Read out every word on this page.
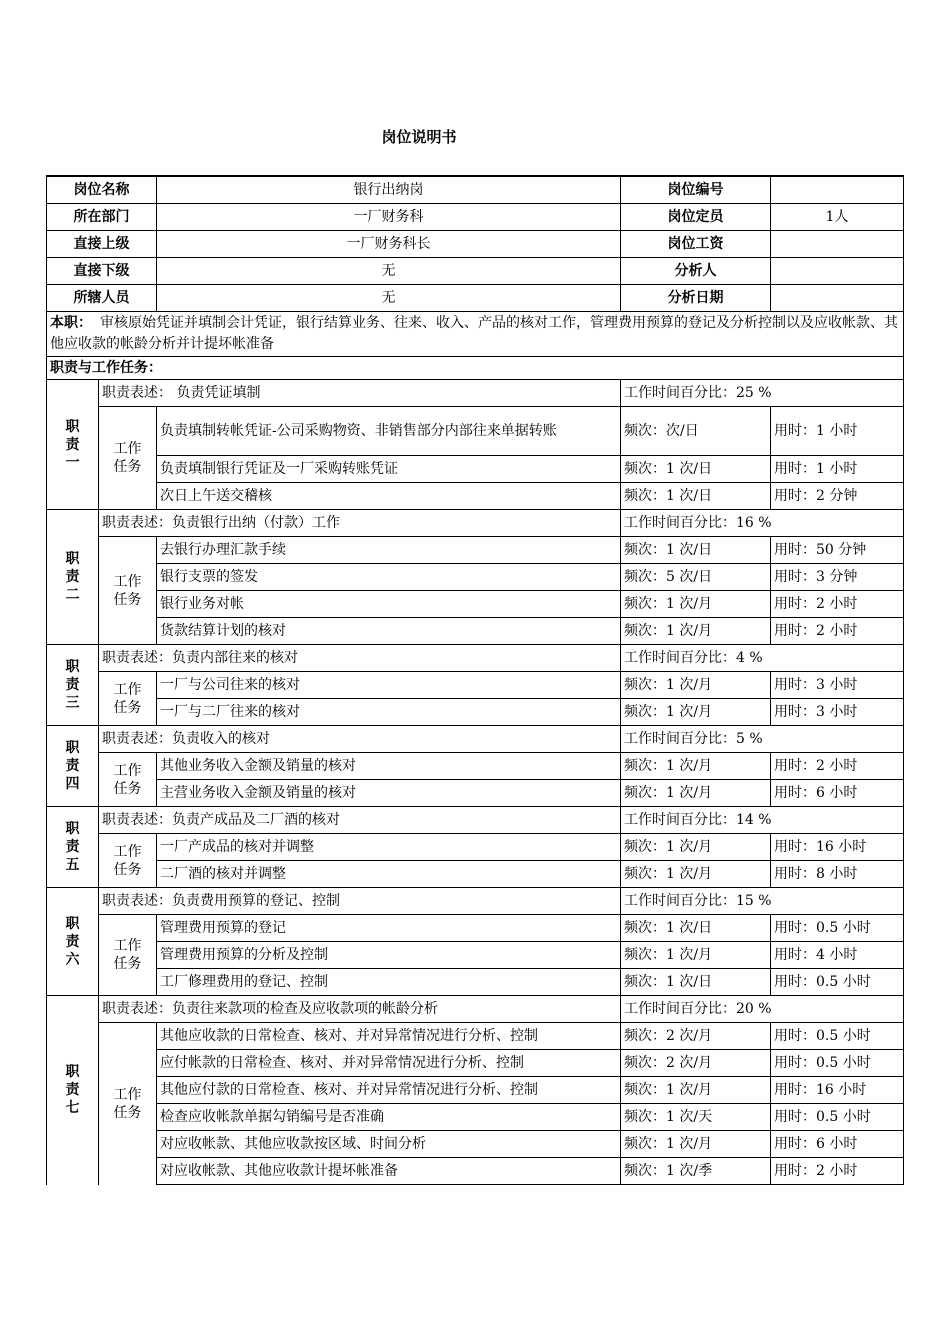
岗位说明书
岗位名称		银行出纳岗	岗位编号	
所在部门		一厂财务科	岗位定员	1人
直接上级		一厂财务科长	岗位工资	
直接下级		无	分析人	
所辖人员		无	分析日期	
本职： 审核原始凭证并填制会计凭证，银行结算业务、往来、收入、产品的核对工作，管理费用预算的登记及分析控制以及应收帐款、其他应收款的帐龄分析并计提坏帐准备				
职责与工作任务：				

职责一	职责表述： 负责凭证填制		工作时间百分比：25 %	

	工作任务	负责填制转帐凭证-公司采购物资、非销售部分内部往来单据转账	频次：次/日	用时：1 小时
		负责填制银行凭证及一厂采购转账凭证	频次：1 次/日	用时：1 小时
		次日上午送交稽核	频次：1 次/日	用时：2 分钟

职责二	职责表述：负责银行出纳（付款）工作		工作时间百分比：16 %	

	工作任务	去银行办理汇款手续	频次：1 次/日	用时：50 分钟
		银行支票的签发	频次：5 次/日	用时：3 分钟
		银行业务对帐	频次：1 次/月	用时：2 小时
		货款结算计划的核对	频次：1 次/月	用时：2 小时

职责三	职责表述：负责内部往来的核对		工作时间百分比：4 %	

	工作任务	一厂与公司往来的核对	频次：1 次/月	用时：3 小时
		一厂与二厂往来的核对	频次：1 次/月	用时：3 小时

职责四	职责表述：负责收入的核对		工作时间百分比：5 %	

	工作任务	其他业务收入金额及销量的核对	频次：1 次/月	用时：2 小时
		主营业务收入金额及销量的核对	频次：1 次/月	用时：6 小时

职责五	职责表述：负责产成品及二厂酒的核对		工作时间百分比：14 %	

	工作任务	一厂产成品的核对并调整	频次：1 次/月	用时：16 小时
		二厂酒的核对并调整	频次：1 次/月	用时：8 小时

职责六	职责表述：负责费用预算的登记、控制		工作时间百分比：15 %	

	工作任务	管理费用预算的登记	频次：1 次/日	用时：0.5 小时
		管理费用预算的分析及控制	频次：1 次/月	用时：4 小时
		工厂修理费用的登记、控制	频次：1 次/日	用时：0.5 小时

职责七	职责表述：负责往来款项的检查及应收款项的帐龄分析		工作时间百分比：20 %	

	工作任务	其他应收款的日常检查、核对、并对异常情况进行分析、控制	频次：2 次/月	用时：0.5 小时
		应付帐款的日常检查、核对、并对异常情况进行分析、控制	频次：2 次/月	用时：0.5 小时
		其他应付款的日常检查、核对、并对异常情况进行分析、控制	频次：1 次/月	用时：16 小时
		检查应收帐款单据勾销编号是否准确	频次：1 次/天	用时：0.5 小时
		对应收帐款、其他应收款按区域、时间分析	频次：1 次/月	用时：6 小时
		对应收帐款、其他应收款计提坏帐准备	频次：1 次/季	用时：2 小时
